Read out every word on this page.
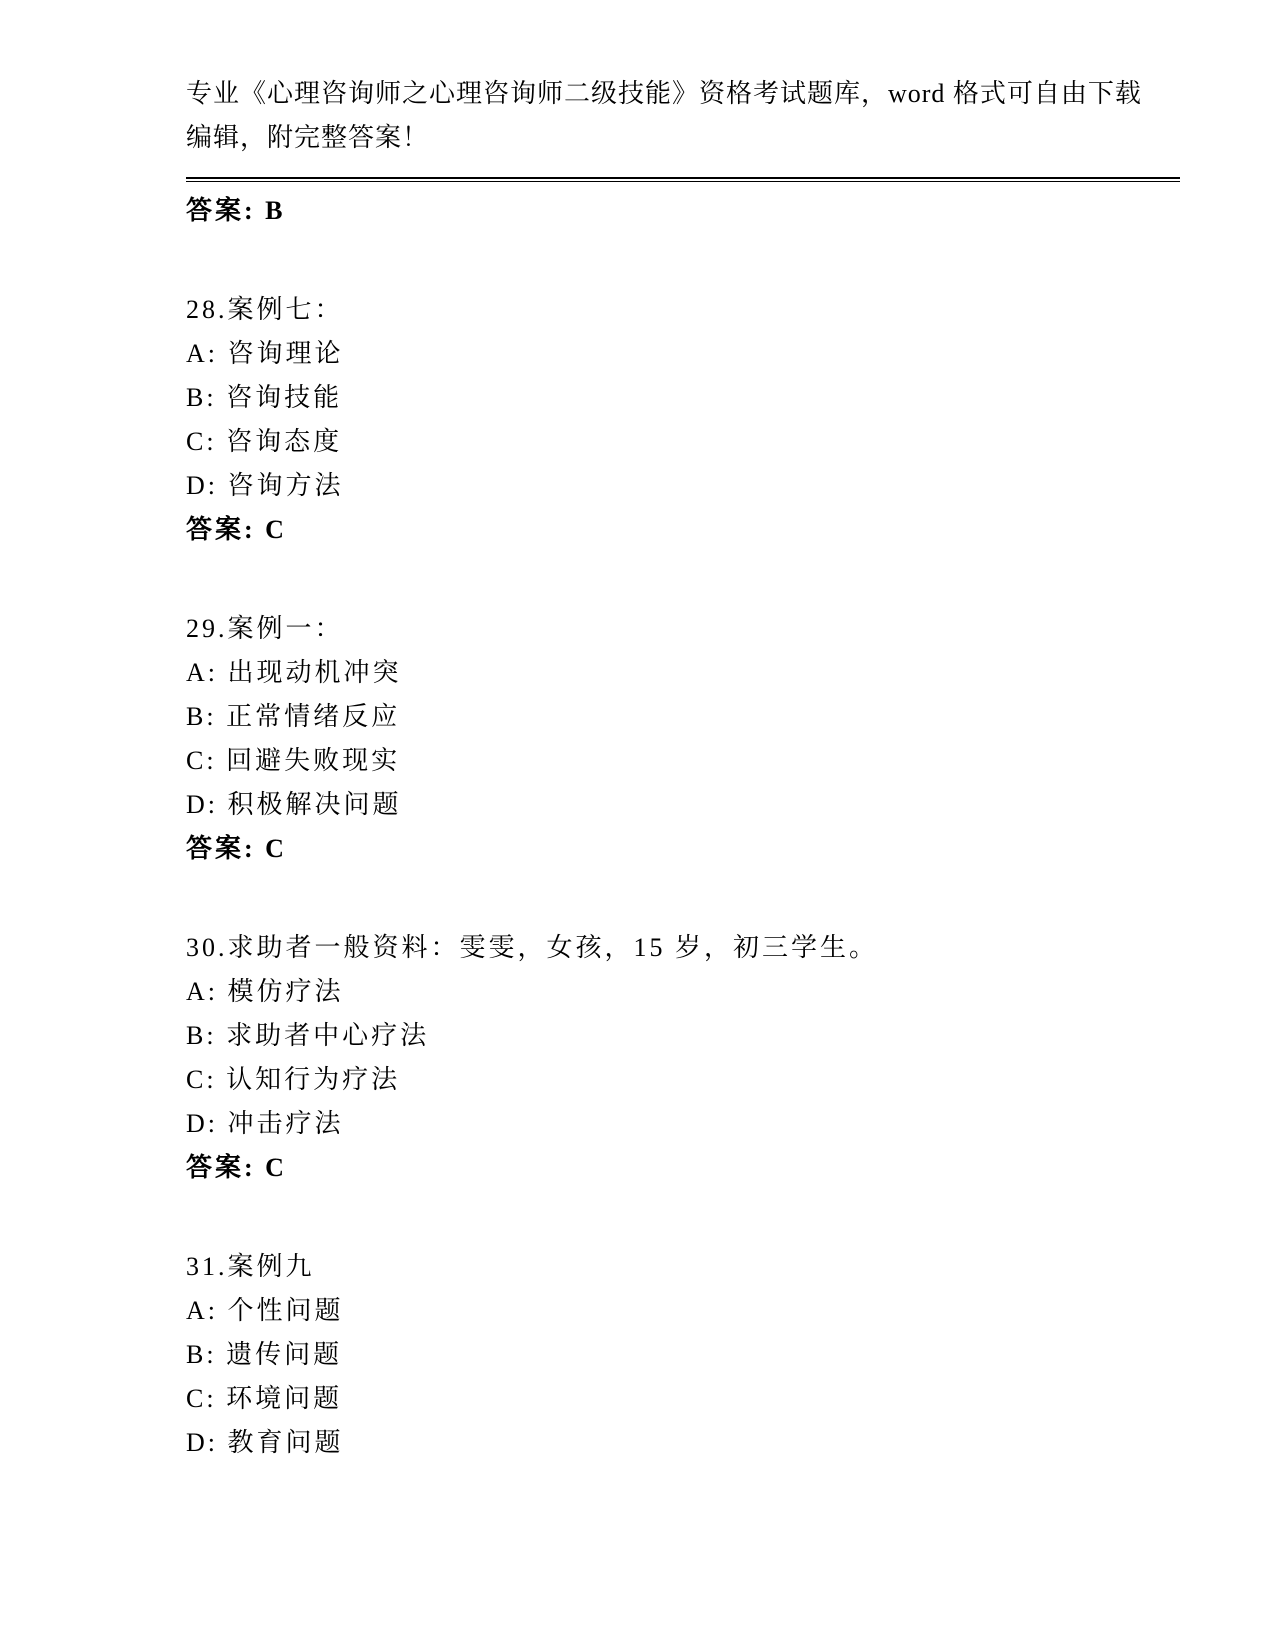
专业《心理咨询师之心理咨询师二级技能》资格考试题库，word 格式可自由下载

编辑，附完整答案！

答案: B

28.案例七：

A: 咨询理论

B: 咨询技能

C: 咨询态度

D: 咨询方法

答案: C

29.案例一：

A: 出现动机冲突

B: 正常情绪反应

C: 回避失败现实

D: 积极解决问题

答案: C

30.求助者一般资料：雯雯，女孩，15 岁，初三学生。

A: 模仿疗法

B: 求助者中心疗法

C: 认知行为疗法

D: 冲击疗法

答案: C

31.案例九

A: 个性问题

B: 遗传问题

C: 环境问题

D: 教育问题
